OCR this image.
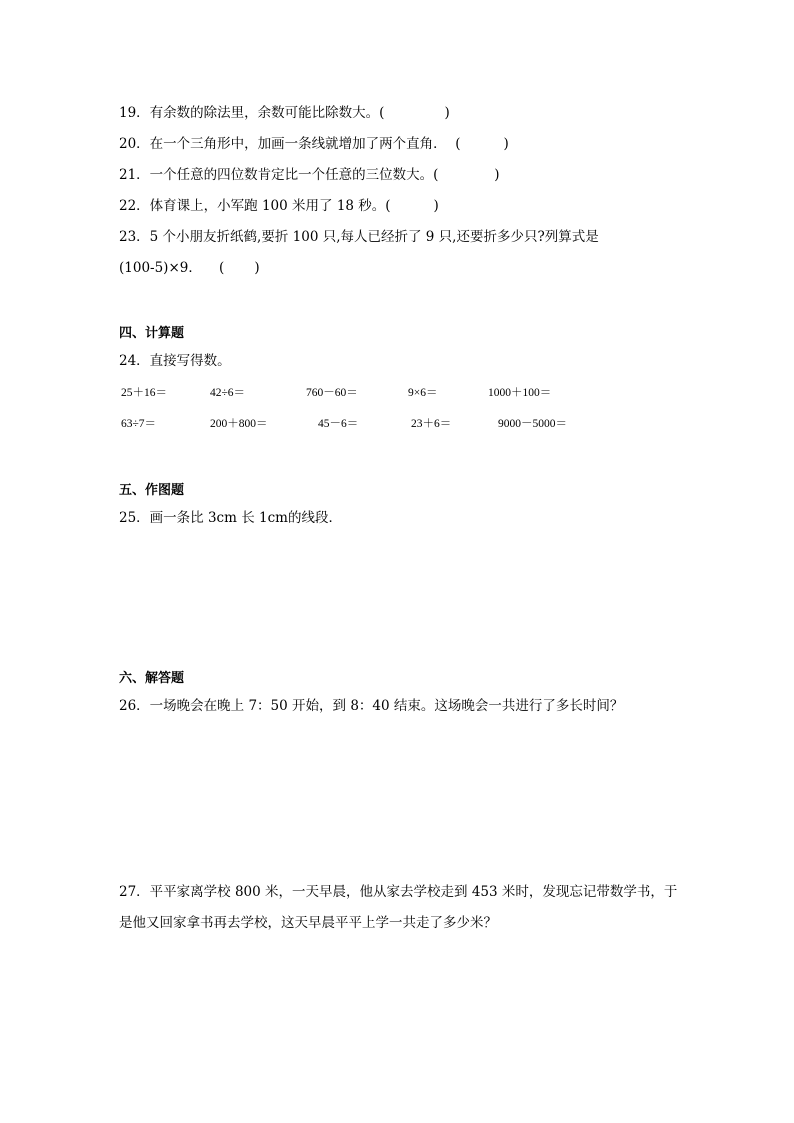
19．有余数的除法里，余数可能比除数大。(              )
20．在一个三角形中，加画一条线就增加了两个直角．  (          )
21．一个任意的四位数肯定比一个任意的三位数大。(             )
22．体育课上，小军跑 100 米用了 18 秒。(          )
23．5 个小朋友折纸鹤,要折 100 只,每人已经折了 9 只,还要折多少只?列算式是
(100-5)×9．    (       )
四、计算题
24．直接写得数。
25＋16＝	42÷6＝	760－60＝	9×6＝	1000＋100＝
63÷7＝	200＋800＝	45－6＝	23＋6＝	9000－5000＝
五、作图题
25．画一条比 3cm 长 1cm的线段．
六、解答题
26．一场晚会在晚上 7：50 开始，到 8：40 结束。这场晚会一共进行了多长时间？
27．平平家离学校 800 米，一天早晨，他从家去学校走到 453 米时，发现忘记带数学书，于
是他又回家拿书再去学校，这天早晨平平上学一共走了多少米？
